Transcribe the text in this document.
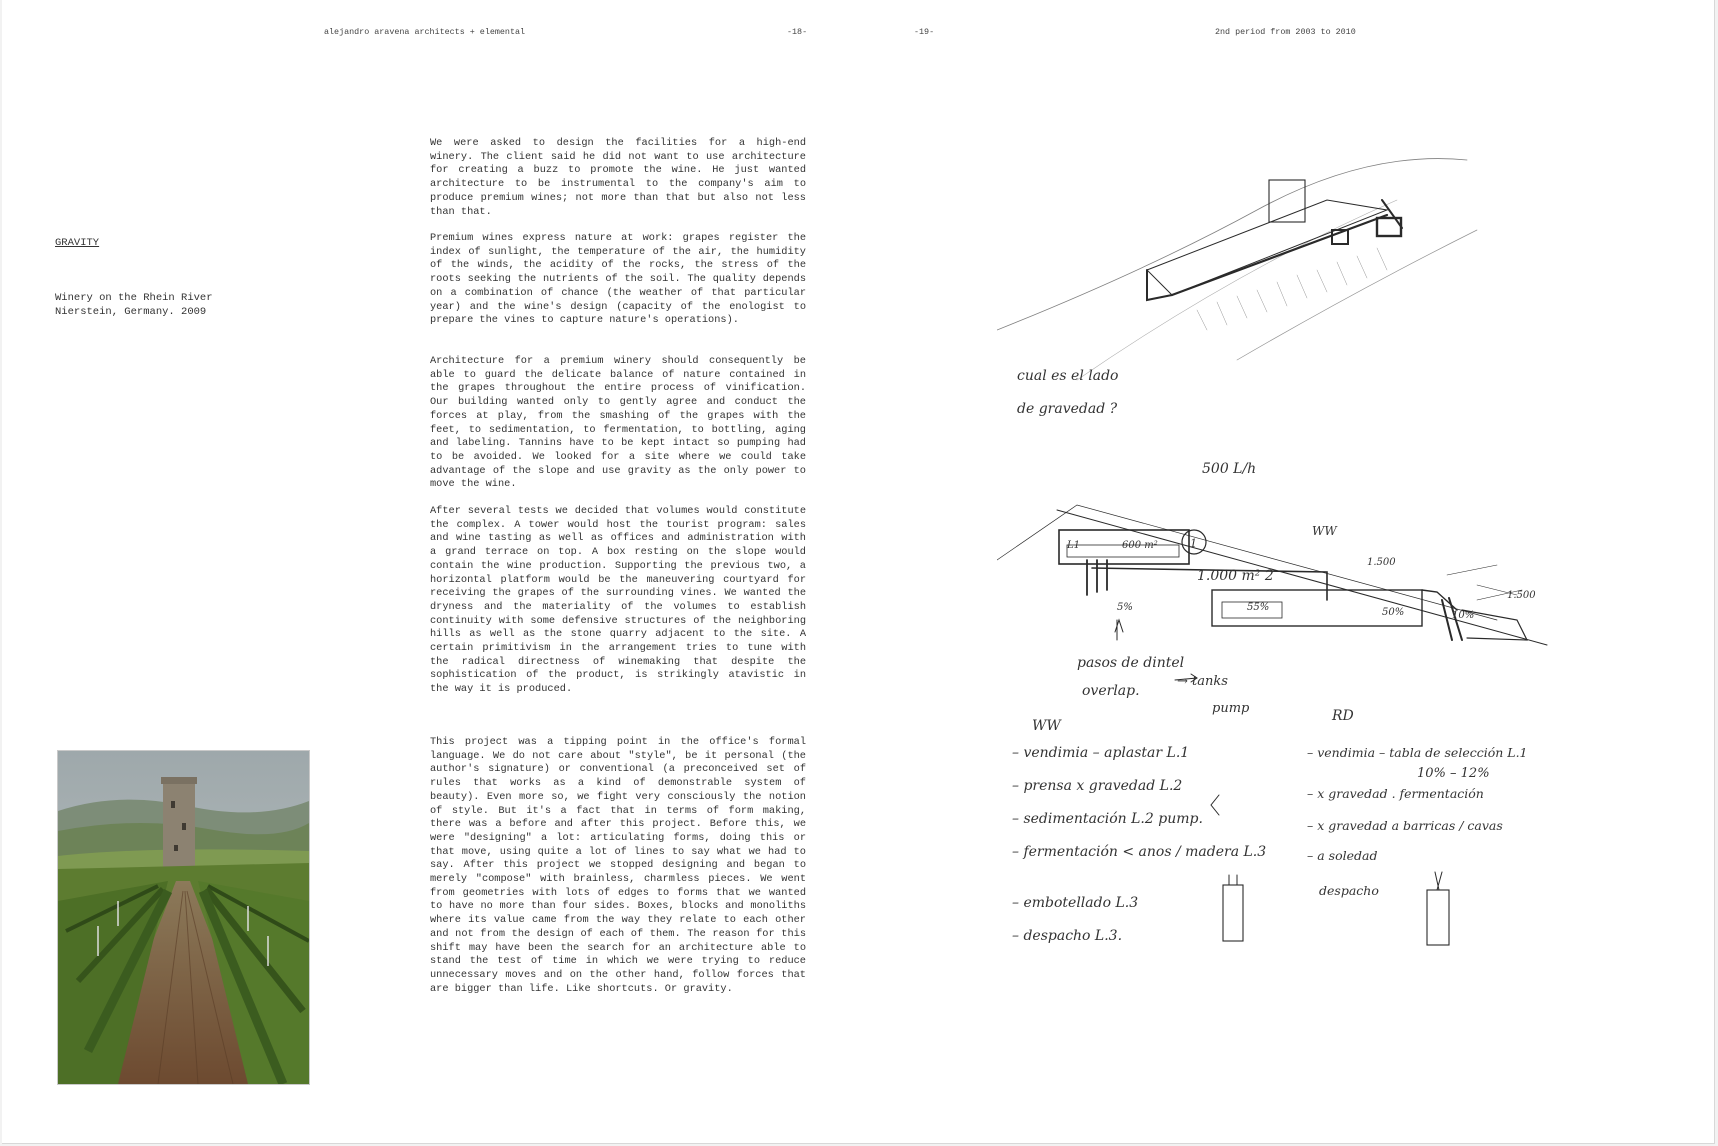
alejandro aravena architects + elemental	-18-	-19-	2nd period from 2003 to 2010
GRAVITY
Winery on the Rhein River
Nierstein, Germany. 2009

We were asked to design the facilities for a high-end winery. The client said he did not want to use architecture for creating a buzz to promote the wine. He just wanted architecture to be instrumental to the company's aim to produce premium wines; not more than that but also not less than that.

Premium wines express nature at work: grapes register the index of sunlight, the temperature of the air, the humidity of the winds, the acidity of the rocks, the stress of the roots seeking the nutrients of the soil. The quality depends on a combination of chance (the weather of that particular year) and the wine's design (capacity of the enologist to prepare the vines to capture nature's operations).

Architecture for a premium winery should consequently be able to guard the delicate balance of nature contained in the grapes throughout the entire process of vinification. Our building wanted only to gently agree and conduct the forces at play, from the smashing of the grapes with the feet, to sedimentation, to fermentation, to bottling, aging and labeling. Tannins have to be kept intact so pumping had to be avoided. We looked for a site where we could take advantage of the slope and use gravity as the only power to move the wine.

After several tests we decided that volumes would constitute the complex. A tower would host the tourist program: sales and wine tasting as well as offices and administration with a grand terrace on top. A box resting on the slope would contain the wine production. Supporting the previous two, a horizontal platform would be the maneuvering courtyard for receiving the grapes of the surrounding vines. We wanted the dryness and the materiality of the volumes to establish continuity with some defensive structures of the neighboring hills as well as the stone quarry adjacent to the site. A certain primitivism in the arrangement tries to tune with the radical directness of winemaking that despite the sophistication of the product, is strikingly atavistic in the way it is produced.

This project was a tipping point in the office's formal language. We do not care about "style", be it personal (the author's signature) or conventional (a preconceived set of rules that works as a kind of demonstrable system of beauty). Even more so, we fight very consciously the notion of style. But it's a fact that in terms of form making, there was a before and after this project. Before this, we were "designing" a lot: articulating forms, doing this or that move, using quite a lot of lines to say what we had to say. After this project we stopped designing and began to merely "compose" with brainless, charmless pieces. We went from geometries with lots of edges to forms that we wanted to have no more than four sides. Boxes, blocks and monoliths where its value came from the way they relate to each other and not from the design of each of them. The reason for this shift may have been the search for an architecture able to stand the test of time in which we were trying to reduce unnecessary moves and on the other hand, follow forces that are bigger than life. Like shortcuts. Or gravity.

cual es el lado
de gravedad ?
500 L/h
L1	600 m²	1
1.000 m² 2
1.500
1.500
WW
5%	55%	50%	10%
pasos de dintel
overlap.
→ tanks
pump
WW
RD
– vendimia – aplastar L.1
– prensa x gravedad L.2
– sedimentación L.2 pump.
– fermentación < anos / madera L.3
– embotellado L.3
– despacho L.3.
– vendimia – tabla de selección L.1
10% – 12%
– x gravedad . fermentación
– x gravedad a barricas / cavas
– a soledad
despacho
